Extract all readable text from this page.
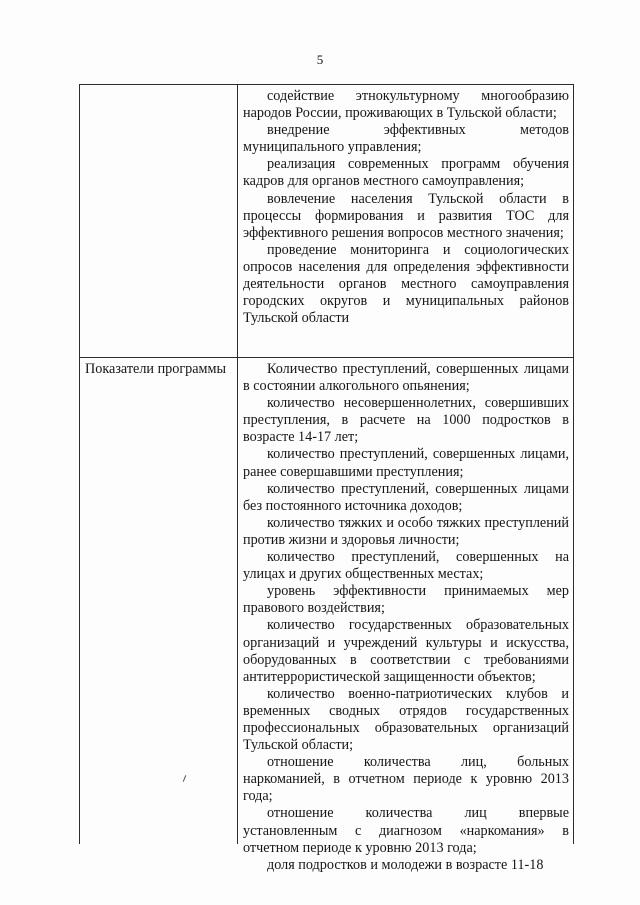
5

содействие этнокультурному многообразию народов России, проживающих в Тульской области;

внедрение эффективных методов муниципального управления;

реализация современных программ обучения кадров для органов местного самоуправления;

вовлечение населения Тульской области в процессы формирования и развития ТОС для эффективного решения вопросов местного значения;

проведение мониторинга и социологических опросов населения для определения эффективности деятельности органов местного самоуправления городских округов и муниципальных районов Тульской области

Показатели программы	Количество преступлений, совершенных лицами в состоянии алкогольного опьянения;

количество несовершеннолетних, совершивших преступления, в расчете на 1000 подростков в возрасте 14-17 лет;

количество преступлений, совершенных лицами, ранее совершавшими преступления;

количество преступлений, совершенных лицами без постоянного источника доходов;

количество тяжких и особо тяжких преступлений против жизни и здоровья личности;

количество преступлений, совершенных на улицах и других общественных местах;

уровень эффективности принимаемых мер правового воздействия;

количество государственных образовательных организаций и учреждений культуры и искусства, оборудованных в соответствии с требованиями антитеррористической защищенности объектов;

количество военно-патриотических клубов и временных сводных отрядов государственных профессиональных образовательных организаций Тульской области;

отношение количества лиц, больных наркоманией, в отчетном периоде к уровню 2013 года;

отношение количества лиц впервые установленным с диагнозом «наркомания» в отчетном периоде к уровню 2013 года;

доля подростков и молодежи в возрасте 11-18
